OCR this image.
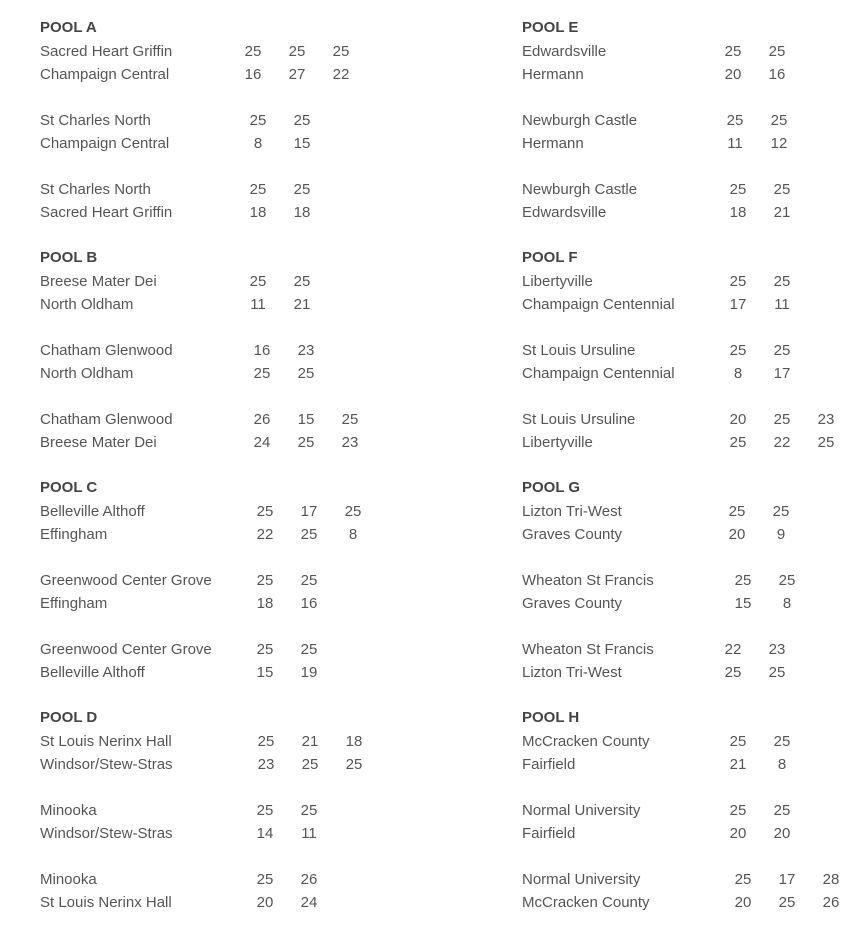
POOL A
Sacred Heart Griffin	25	25	25
Champaign Central	16	27	22
St Charles North	25	25
Champaign Central	8	15
St Charles North	25	25
Sacred Heart Griffin	18	18
POOL B
Breese Mater Dei	25	25
North Oldham	11	21
Chatham Glenwood	16	23
North Oldham	25	25
Chatham Glenwood	26	15	25
Breese Mater Dei	24	25	23
POOL C
Belleville Althoff	25	17	25
Effingham	22	25	8
Greenwood Center Grove	25	25
Effingham	18	16
Greenwood Center Grove	25	25
Belleville Althoff	15	19
POOL D
St Louis Nerinx Hall	25	21	18
Windsor/Stew-Stras	23	25	25
Minooka	25	25
Windsor/Stew-Stras	14	11
Minooka	25	26
St Louis Nerinx Hall	20	24
POOL E
Edwardsville	25	25
Hermann	20	16
Newburgh Castle	25	25
Hermann	11	12
Newburgh Castle	25	25
Edwardsville	18	21
POOL F
Libertyville	25	25
Champaign Centennial	17	11
St Louis Ursuline	25	25
Champaign Centennial	8	17
St Louis Ursuline	20	25	23
Libertyville	25	22	25
POOL G
Lizton Tri-West	25	25
Graves County	20	9
Wheaton St Francis	25	25
Graves County	15	8
Wheaton St Francis	22	23
Lizton Tri-West	25	25
POOL H
McCracken County	25	25
Fairfield	21	8
Normal University	25	25
Fairfield	20	20
Normal University	25	17	28
McCracken County	20	25	26
